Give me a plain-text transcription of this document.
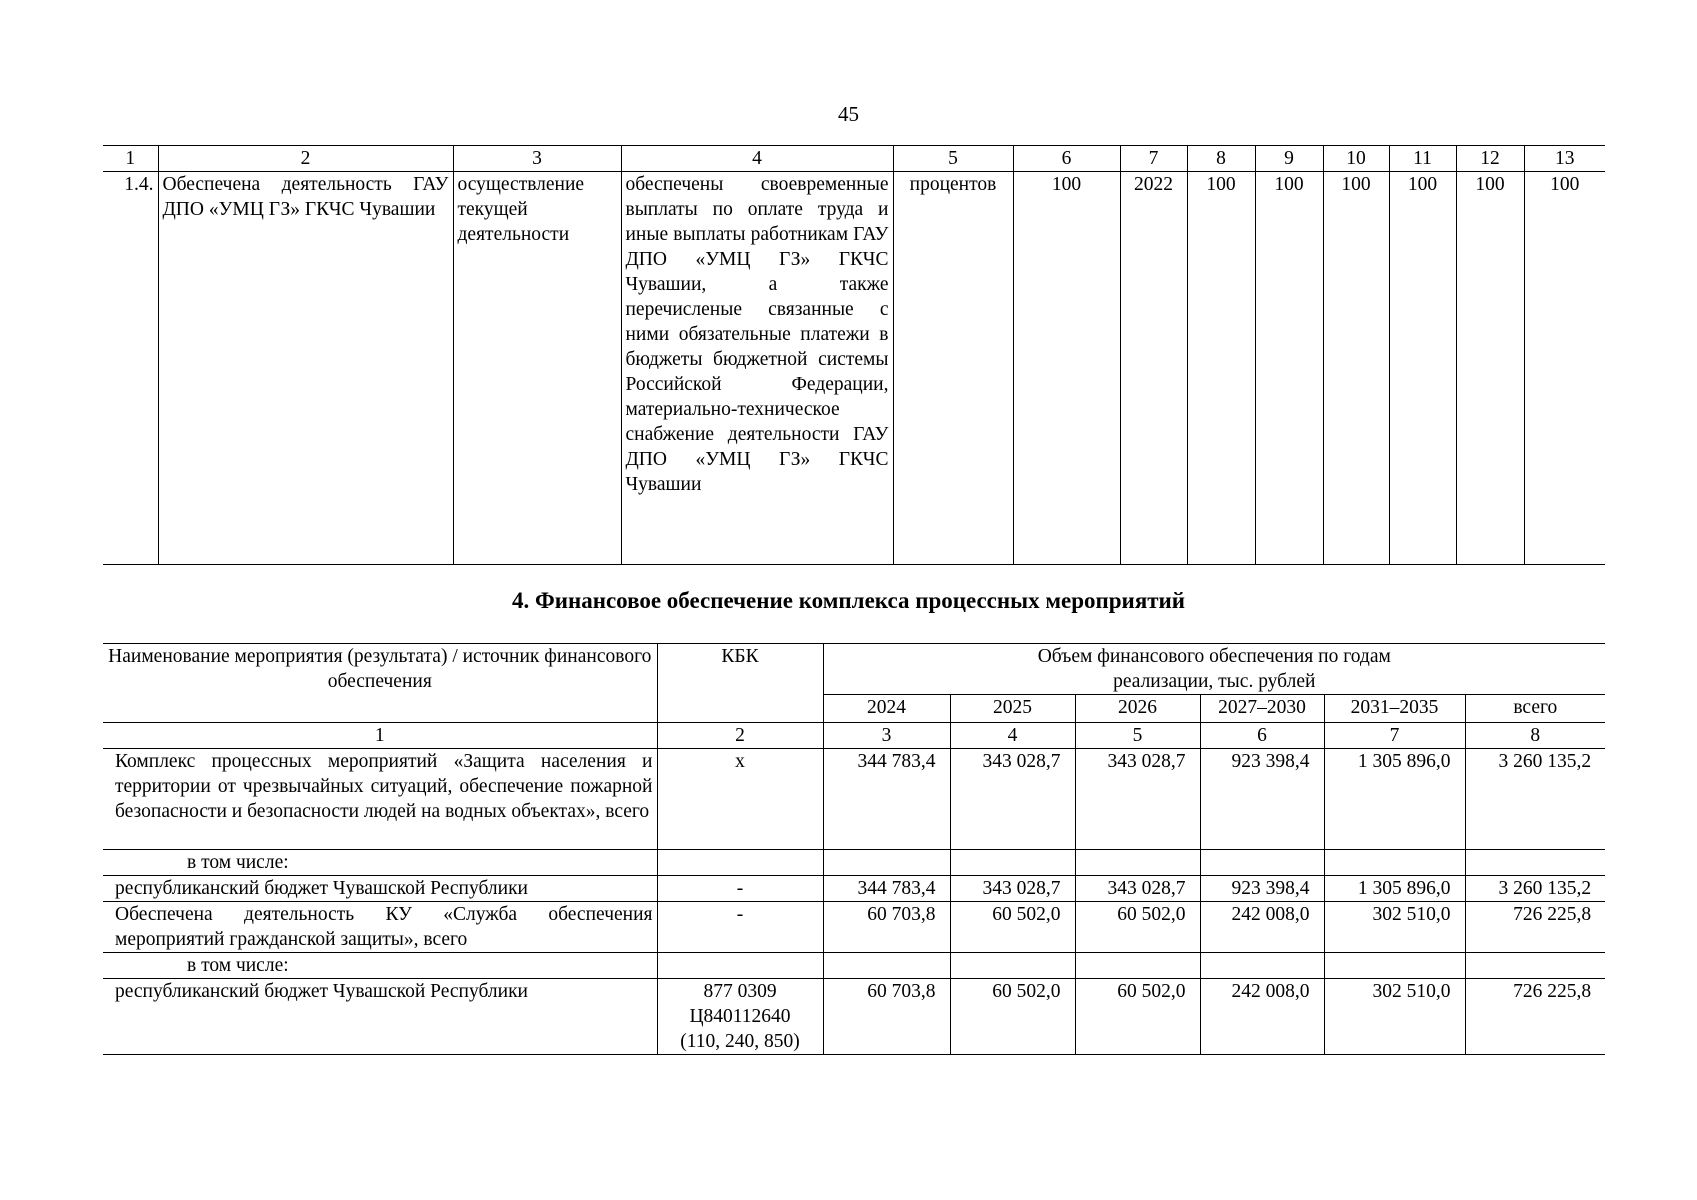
45
1	2	3	4	5	6	7	8	9	10	11	12	13
1.4.	Обеспечена деятельность ГАУ ДПО «УМЦ ГЗ» ГКЧС Чувашии	осуществление текущей деятельности	обеспечены своевременные выплаты по оплате труда и иные выплаты работникам ГАУ ДПО «УМЦ ГЗ» ГКЧС Чувашии, а также перечисленые связанные с ними обязательные платежи в бюджеты бюджетной системы Российской Федерации, материально-техническое снабжение деятельности ГАУ ДПО «УМЦ ГЗ» ГКЧС Чувашии	процентов	100	2022	100	100	100	100	100	100
4. Финансовое обеспечение комплекса процессных мероприятий
Наименование мероприятия (результата) / источник финансового обеспечения	КБК	Объем финансового обеспечения по годам реализации, тыс. рублей					
		2024	2025	2026	2027–2030	2031–2035	всего
1	2	3	4	5	6	7	8
Комплекс процессных мероприятий «Защита населения и территории от чрезвычайных ситуаций, обеспечение пожарной безопасности и безопасности людей на водных объектах», всего	х	344 783,4	343 028,7	343 028,7	923 398,4	1 305 896,0	3 260 135,2
в том числе:							
республиканский бюджет Чувашской Республики	-	344 783,4	343 028,7	343 028,7	923 398,4	1 305 896,0	3 260 135,2
Обеспечена деятельность КУ «Служба обеспечения мероприятий гражданской защиты», всего	-	60 703,8	60 502,0	60 502,0	242 008,0	302 510,0	726 225,8
в том числе:							
республиканский бюджет Чувашской Республики	877 0309 Ц840112640 (110, 240, 850)	60 703,8	60 502,0	60 502,0	242 008,0	302 510,0	726 225,8
